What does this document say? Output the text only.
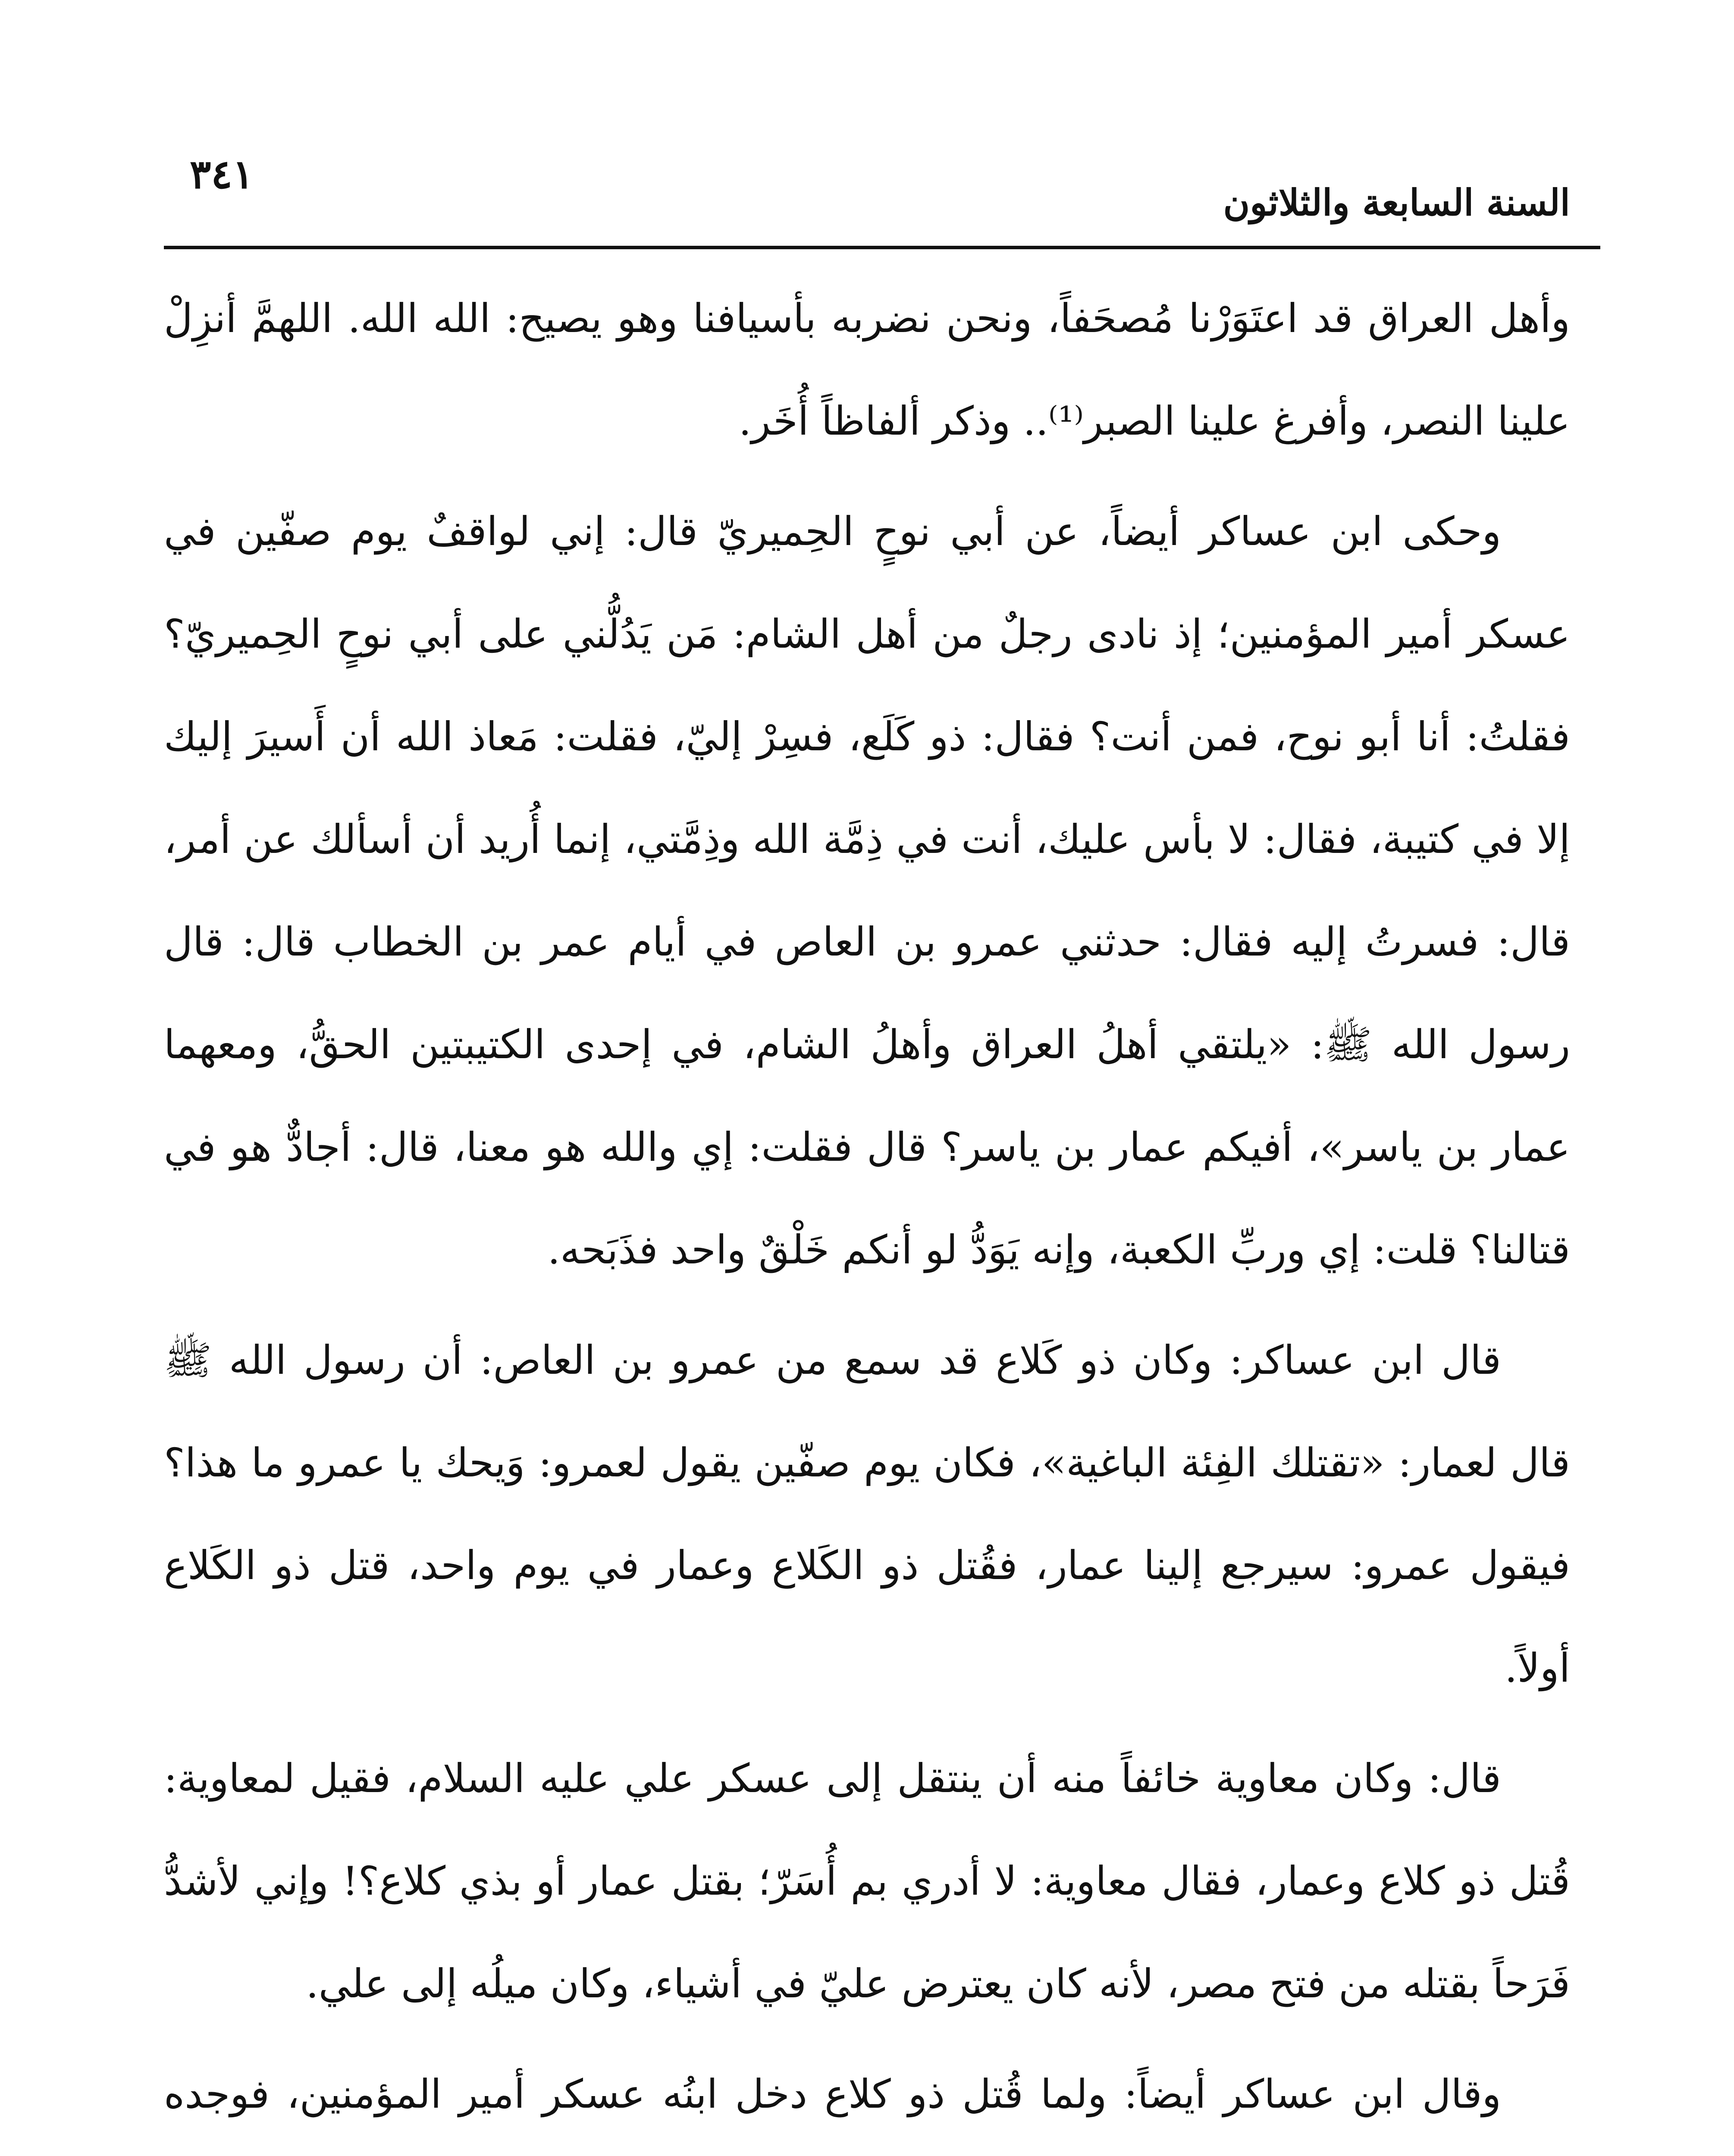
السنة السابعة والثلاثون
٣٤١

وأهل العراق قد اعتَوَرْنا مُصحَفاً، ونحن نضربه بأسيافنا وهو يصيح: الله الله. اللهمَّ أنزِلْ علينا النصر، وأفرغ علينا الصبر⁽¹⁾.. وذكر ألفاظاً أُخَر.

وحكى ابن عساكر أيضاً، عن أبي نوحٍ الحِميريّ قال: إني لواقفٌ يوم صفّين في عسكر أمير المؤمنين؛ إذ نادى رجلٌ من أهل الشام: مَن يَدُلُّني على أبي نوحٍ الحِميريّ؟ فقلتُ: أنا أبو نوح، فمن أنت؟ فقال: ذو كَلَع، فسِرْ إليّ، فقلت: مَعاذ الله أن أَسيرَ إليك إلا في كتيبة، فقال: لا بأس عليك، أنت في ذِمَّة الله وذِمَّتي، إنما أُريد أن أسألك عن أمر، قال: فسرتُ إليه فقال: حدثني عمرو بن العاص في أيام عمر بن الخطاب قال: قال رسول الله ﷺ: «يلتقي أهلُ العراق وأهلُ الشام، في إحدى الكتيبتين الحقُّ، ومعهما عمار بن ياسر»، أفيكم عمار بن ياسر؟ قال فقلت: إي والله هو معنا، قال: أجادٌّ هو في قتالنا؟ قلت: إي وربِّ الكعبة، وإنه يَوَدُّ لو أنكم خَلْقٌ واحد فذَبَحه.

قال ابن عساكر: وكان ذو كَلاع قد سمع من عمرو بن العاص: أن رسول الله ﷺ قال لعمار: «تقتلك الفِئة الباغية»، فكان يوم صفّين يقول لعمرو: وَيحك يا عمرو ما هذا؟ فيقول عمرو: سيرجع إلينا عمار، فقُتل ذو الكَلاع وعمار في يوم واحد، قتل ذو الكَلاع أولاً.

قال: وكان معاوية خائفاً منه أن ينتقل إلى عسكر علي عليه السلام، فقيل لمعاوية: قُتل ذو كلاع وعمار، فقال معاوية: لا أدري بم أُسَرّ؛ بقتل عمار أو بذي كلاع؟! وإني لأشدُّ فَرَحاً بقتله من فتح مصر، لأنه كان يعترض عليّ في أشياء، وكان ميلُه إلى علي.

وقال ابن عساكر أيضاً: ولما قُتل ذو كلاع دخل ابنُه عسكر أمير المؤمنين، فوجده
